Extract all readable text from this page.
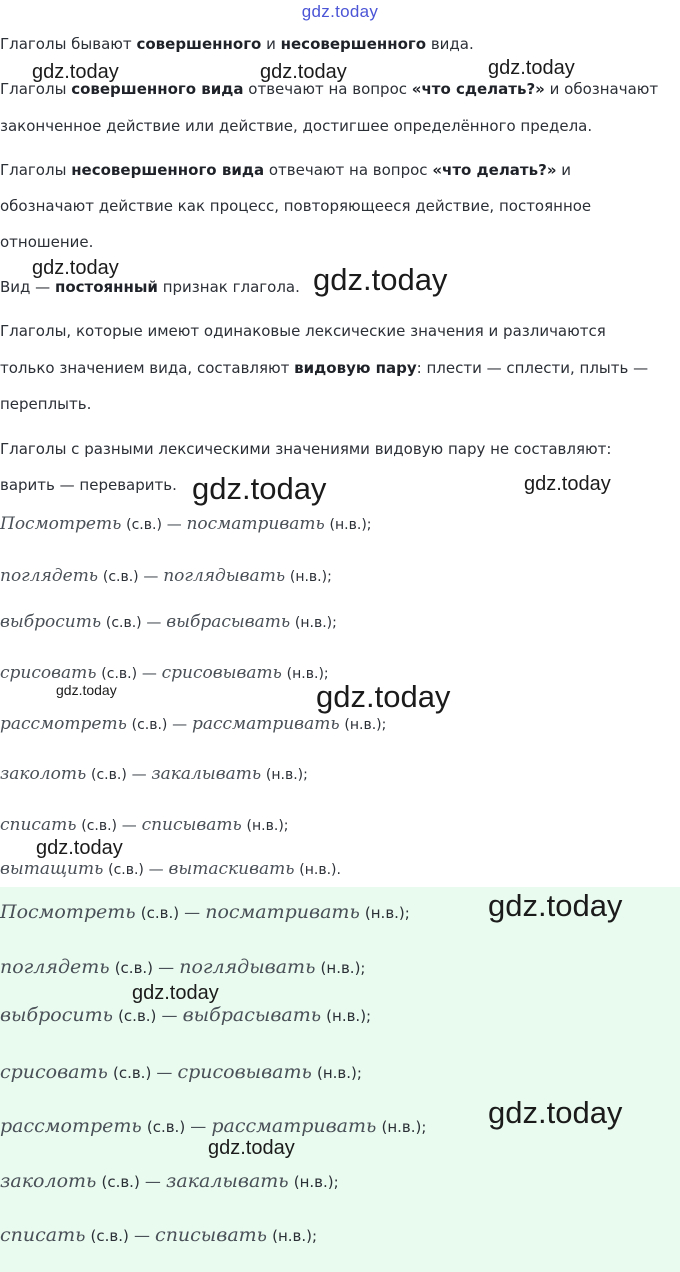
gdz.today
Глаголы бывают совершенного и несовершенного вида.
Глаголы совершенного вида отвечают на вопрос «что сделать?» и обозначают
законченное действие или действие, достигшее определённого предела.
Глаголы несовершенного вида отвечают на вопрос «что делать?» и
обозначают действие как процесс, повторяющееся действие, постоянное
отношение.
Вид — постоянный признак глагола.
Глаголы, которые имеют одинаковые лексические значения и различаются
только значением вида, составляют видовую пару: плести — сплести, плыть —
переплыть.
Глаголы с разными лексическими значениями видовую пару не составляют:
варить — переварить.
Посмотреть (с.в.) — посматривать (н.в.);
поглядеть (с.в.) — поглядывать (н.в.);
выбросить (с.в.) — выбрасывать (н.в.);
срисовать (с.в.) — срисовывать (н.в.);
рассмотреть (с.в.) — рассматривать (н.в.);
заколоть (с.в.) — закалывать (н.в.);
списать (с.в.) — списывать (н.в.);
вытащить (с.в.) — вытаскивать (н.в.).
Посмотреть (с.в.) — посматривать (н.в.);
поглядеть (с.в.) — поглядывать (н.в.);
выбросить (с.в.) — выбрасывать (н.в.);
срисовать (с.в.) — срисовывать (н.в.);
рассмотреть (с.в.) — рассматривать (н.в.);
заколоть (с.в.) — закалывать (н.в.);
списать (с.в.) — списывать (н.в.);
gdz.today	gdz.today	gdz.today
gdz.today	gdz.today
gdz.today	gdz.today
gdz.today	gdz.today
gdz.today
gdz.today
gdz.today
gdz.today
gdz.today
